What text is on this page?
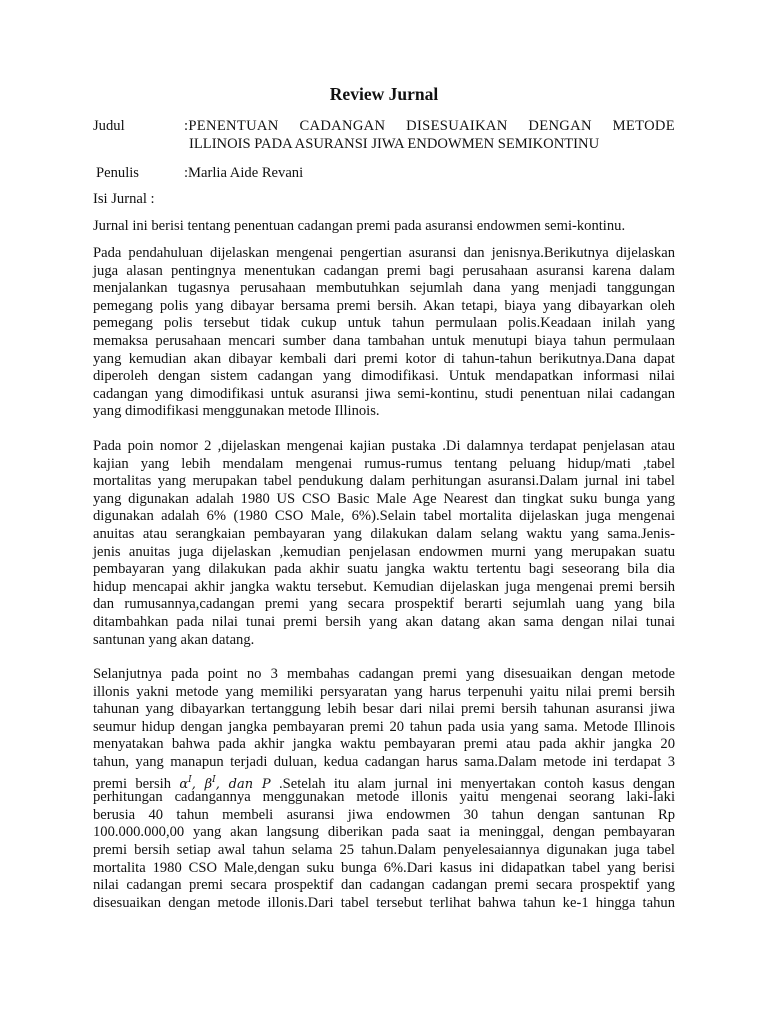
Review Jurnal
Judul	:PENENTUAN CADANGAN DISESUAIKAN DENGAN METODE
ILLINOIS PADA ASURANSI JIWA ENDOWMEN SEMIKONTINU
Penulis	:Marlia Aide Revani
Isi Jurnal :
Jurnal ini berisi tentang penentuan cadangan premi pada asuransi endowmen semi-kontinu.
Pada pendahuluan dijelaskan mengenai pengertian asuransi dan jenisnya.Berikutnya dijelaskan
juga alasan pentingnya menentukan cadangan premi bagi perusahaan asuransi karena dalam
menjalankan tugasnya perusahaan membutuhkan sejumlah dana yang menjadi tanggungan
pemegang polis yang dibayar bersama premi bersih. Akan tetapi, biaya yang dibayarkan oleh
pemegang polis tersebut tidak cukup untuk tahun permulaan polis.Keadaan inilah yang
memaksa perusahaan mencari sumber dana tambahan untuk menutupi biaya tahun permulaan
yang kemudian akan dibayar kembali dari premi kotor di tahun-tahun berikutnya.Dana dapat
diperoleh dengan sistem cadangan yang dimodifikasi. Untuk mendapatkan informasi nilai
cadangan yang dimodifikasi untuk asuransi jiwa semi-kontinu, studi penentuan nilai cadangan
yang dimodifikasi menggunakan metode Illinois.
Pada poin nomor 2 ,dijelaskan mengenai kajian pustaka .Di dalamnya terdapat penjelasan atau
kajian yang lebih mendalam mengenai rumus-rumus tentang peluang hidup/mati ,tabel
mortalitas yang merupakan tabel pendukung dalam perhitungan asuransi.Dalam jurnal ini tabel
yang digunakan adalah 1980 US CSO Basic Male Age Nearest dan tingkat suku bunga yang
digunakan adalah 6% (1980 CSO Male, 6%).Selain tabel mortalita dijelaskan juga mengenai
anuitas atau serangkaian pembayaran yang dilakukan dalam selang waktu yang sama.Jenis-
jenis anuitas juga dijelaskan ,kemudian penjelasan endowmen murni yang merupakan suatu
pembayaran yang dilakukan pada akhir suatu jangka waktu tertentu bagi seseorang bila dia
hidup mencapai akhir jangka waktu tersebut. Kemudian dijelaskan juga mengenai premi bersih
dan rumusannya,cadangan premi yang secara prospektif berarti sejumlah uang yang bila
ditambahkan pada nilai tunai premi bersih yang akan datang akan sama dengan nilai tunai
santunan yang akan datang.
Selanjutnya pada point no 3 membahas cadangan premi yang disesuaikan dengan metode
illonis yakni metode yang memiliki persyaratan yang harus terpenuhi yaitu nilai premi bersih
tahunan yang dibayarkan tertanggung lebih besar dari nilai premi bersih tahunan asuransi jiwa
seumur hidup dengan jangka pembayaran premi 20 tahun pada usia yang sama. Metode Illinois
menyatakan bahwa pada akhir jangka waktu pembayaran premi atau pada akhir jangka 20
tahun, yang manapun terjadi duluan, kedua cadangan harus sama.Dalam metode ini terdapat 3
premi bersih $\alpha^I$, $\beta^I$, dan P .Setelah itu alam jurnal ini menyertakan contoh kasus dengan
perhitungan cadangannya menggunakan metode illonis yaitu mengenai seorang laki-laki
berusia 40 tahun membeli asuransi jiwa endowmen 30 tahun dengan santunan Rp
100.000.000,00 yang akan langsung diberikan pada saat ia meninggal, dengan pembayaran
premi bersih setiap awal tahun selama 25 tahun.Dalam penyelesaiannya digunakan juga tabel
mortalita 1980 CSO Male,dengan suku bunga 6%.Dari kasus ini didapatkan tabel yang berisi
nilai cadangan premi secara prospektif dan cadangan cadangan premi secara prospektif yang
disesuaikan dengan metode illonis.Dari tabel tersebut terlihat bahwa tahun ke-1 hingga tahun
